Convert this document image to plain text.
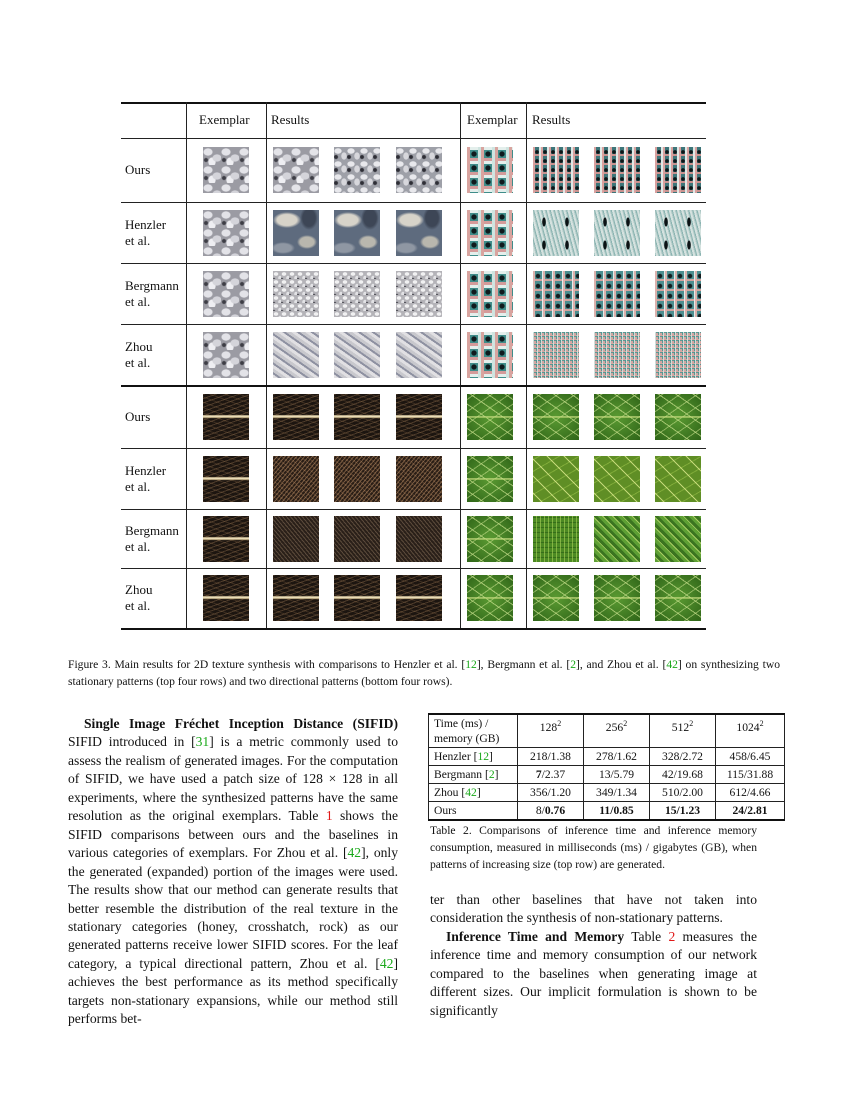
Exemplar Results	Exemplar Results
Ours
Henzler
et al.
Bergmann
et al.
Zhou
et al.
Ours
Henzler
et al.
Bergmann
et al.
Zhou
et al.
Figure 3. Main results for 2D texture synthesis with comparisons to Henzler et al. [12], Bergmann et al. [2], and Zhou et al. [42] on synthesizing two stationary patterns (top four rows) and two directional patterns (bottom four rows).
Single Image Fréchet Inception Distance (SIFID) SIFID introduced in [31] is a metric commonly used to assess the realism of generated images. For the computation of SIFID, we have used a patch size of 128 × 128 in all experiments, where the synthesized patterns have the same resolution as the original exemplars. Table 1 shows the SIFID comparisons between ours and the baselines in various categories of exemplars. For Zhou et al. [42], only the generated (expanded) portion of the images were used. The results show that our method can generate results that better resemble the distribution of the real texture in the stationary categories (honey, crosshatch, rock) as our generated patterns receive lower SIFID scores. For the leaf category, a typical directional pattern, Zhou et al. [42] achieves the best performance as its method specifically targets non-stationary expansions, while our method still performs bet-
Time (ms) /
memory (GB)	$128^2$	$256^2$	$512^2$	1024$^2$
Henzler [12]	218/1.38	278/1.62	328/2.72	458/6.45
Bergmann [2]	7/2.37	13/5.79	42/19.68	115/31.88
Zhou [42]	356/1.20	349/1.34	510/2.00	612/4.66
Ours	8/0.76	11/0.85	15/1.23	24/2.81
Table 2. Comparisons of inference time and inference memory consumption, measured in milliseconds (ms) / gigabytes (GB), when patterns of increasing size (top row) are generated.
ter than other baselines that have not taken into consideration the synthesis of non-stationary patterns.
Inference Time and Memory Table 2 measures the inference time and memory consumption of our network compared to the baselines when generating image at different sizes. Our implicit formulation is shown to be significantly
